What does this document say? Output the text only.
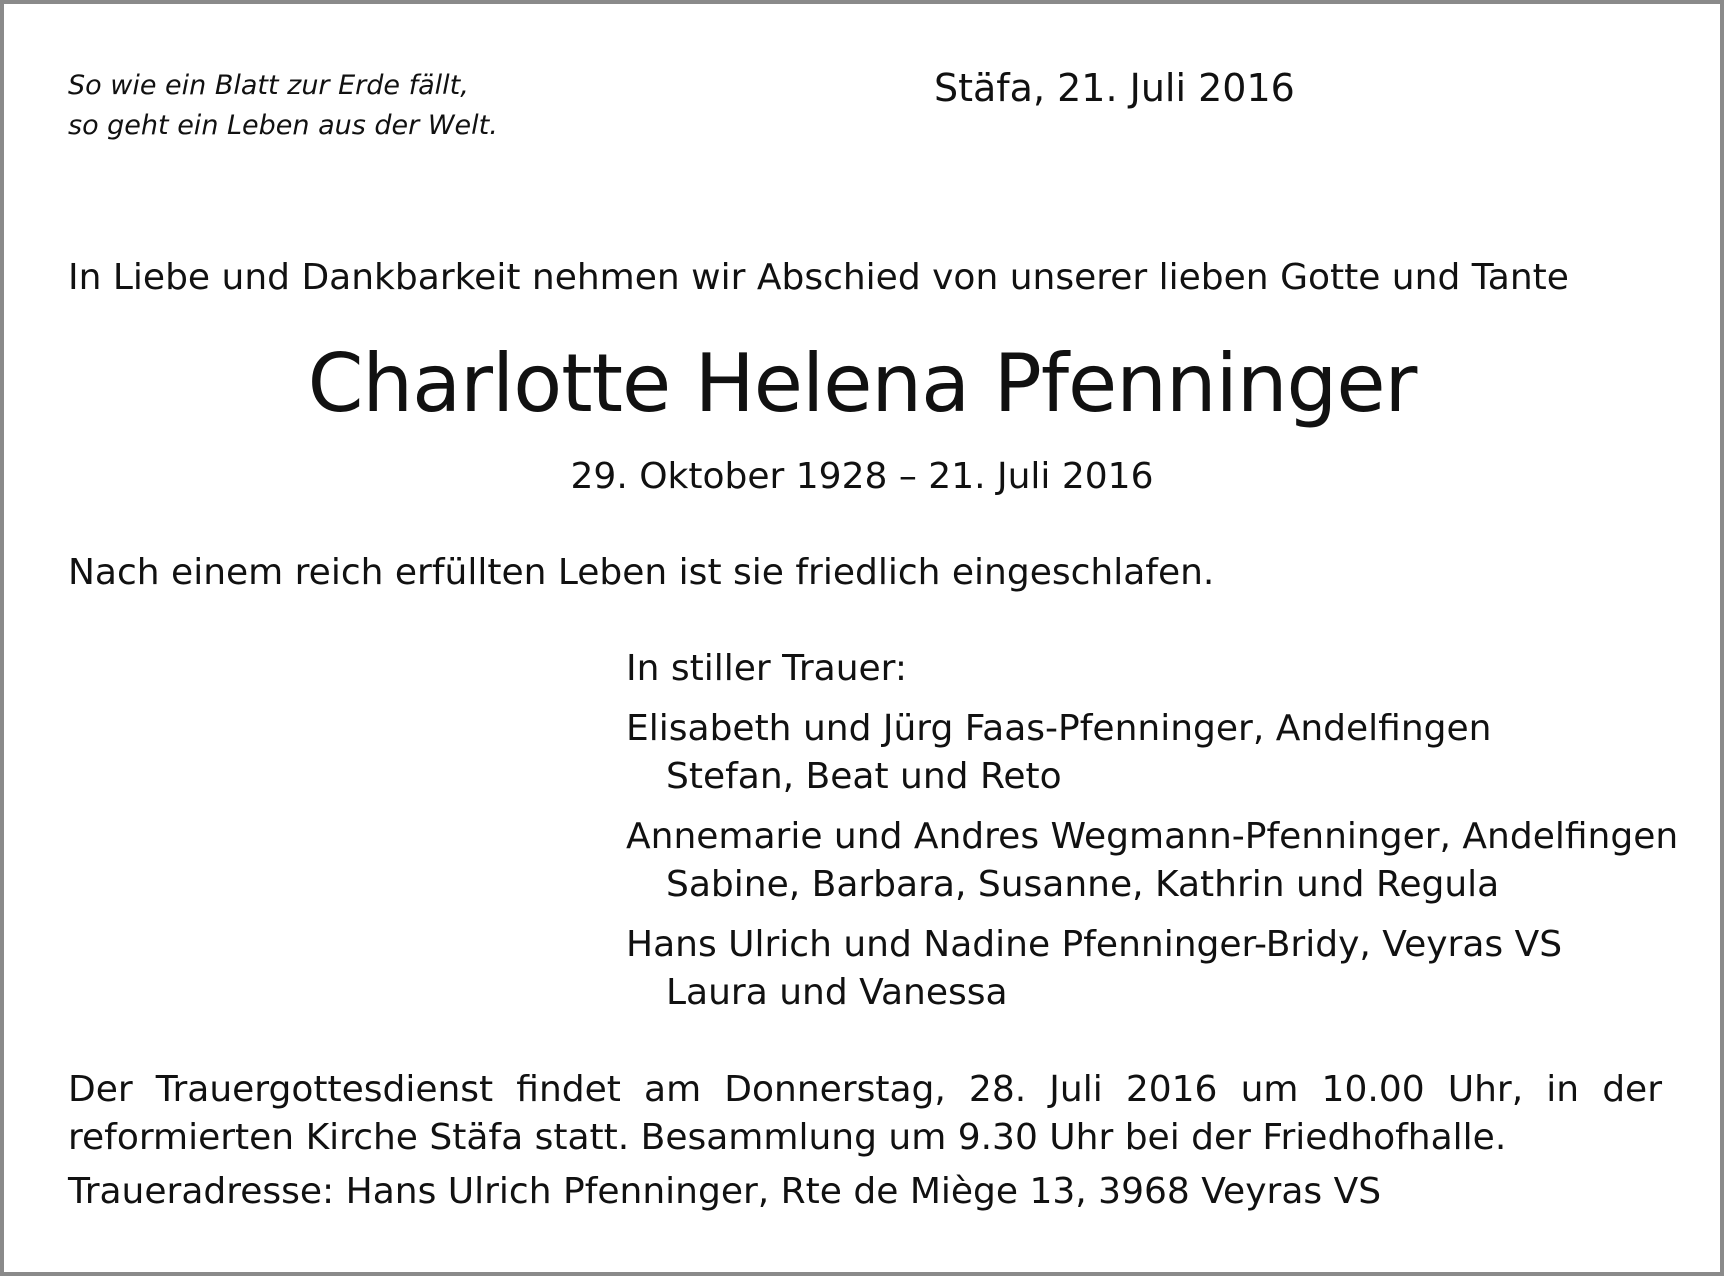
So wie ein Blatt zur Erde fällt,
so geht ein Leben aus der Welt.
Stäfa, 21. Juli 2016
In Liebe und Dankbarkeit nehmen wir Abschied von unserer lieben Gotte und Tante
Charlotte Helena Pfenninger
29. Oktober 1928 – 21. Juli 2016
Nach einem reich erfüllten Leben ist sie friedlich eingeschlafen.
In stiller Trauer:
Elisabeth und Jürg Faas-Pfenninger, Andelfingen
Stefan, Beat und Reto
Annemarie und Andres Wegmann-Pfenninger, Andelfingen
Sabine, Barbara, Susanne, Kathrin und Regula
Hans Ulrich und Nadine Pfenninger-Bridy, Veyras VS
Laura und Vanessa
Der Trauergottesdienst findet am Donnerstag, 28. Juli 2016 um 10.00 Uhr, in der reformierten Kirche Stäfa statt. Besammlung um 9.30 Uhr bei der Friedhofhalle.
Traueradresse: Hans Ulrich Pfenninger, Rte de Miège 13, 3968 Veyras VS
